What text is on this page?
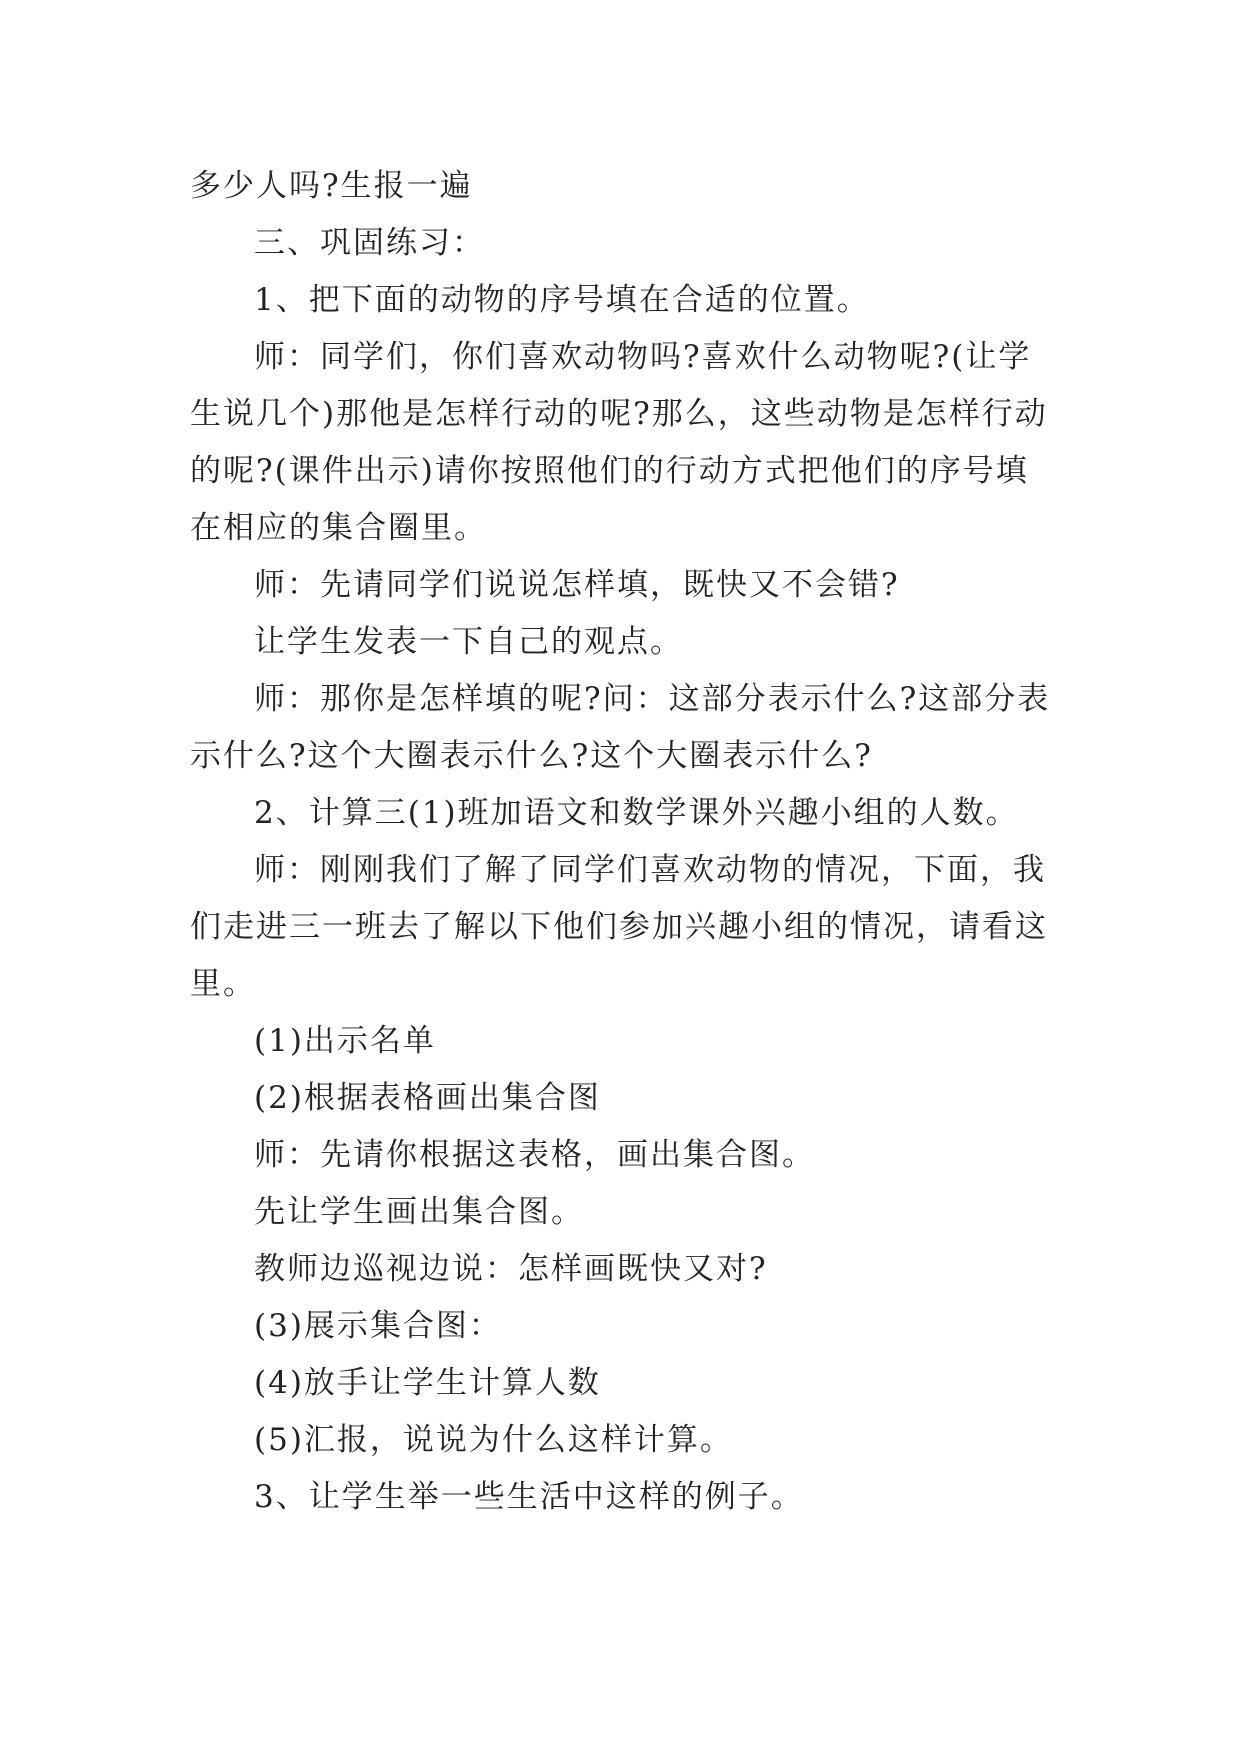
多少人吗?生报一遍

三、巩固练习：

1、把下面的动物的序号填在合适的位置。

师：同学们，你们喜欢动物吗?喜欢什么动物呢?(让学生说几个)那他是怎样行动的呢?那么，这些动物是怎样行动的呢?(课件出示)请你按照他们的行动方式把他们的序号填在相应的集合圈里。

师：先请同学们说说怎样填，既快又不会错?

让学生发表一下自己的观点。

师：那你是怎样填的呢?问：这部分表示什么?这部分表示什么?这个大圈表示什么?这个大圈表示什么?

2、计算三(1)班加语文和数学课外兴趣小组的人数。

师：刚刚我们了解了同学们喜欢动物的情况，下面，我们走进三一班去了解以下他们参加兴趣小组的情况，请看这里。

(1)出示名单

(2)根据表格画出集合图

师：先请你根据这表格，画出集合图。

先让学生画出集合图。

教师边巡视边说：怎样画既快又对?

(3)展示集合图：

(4)放手让学生计算人数

(5)汇报，说说为什么这样计算。

3、让学生举一些生活中这样的例子。
